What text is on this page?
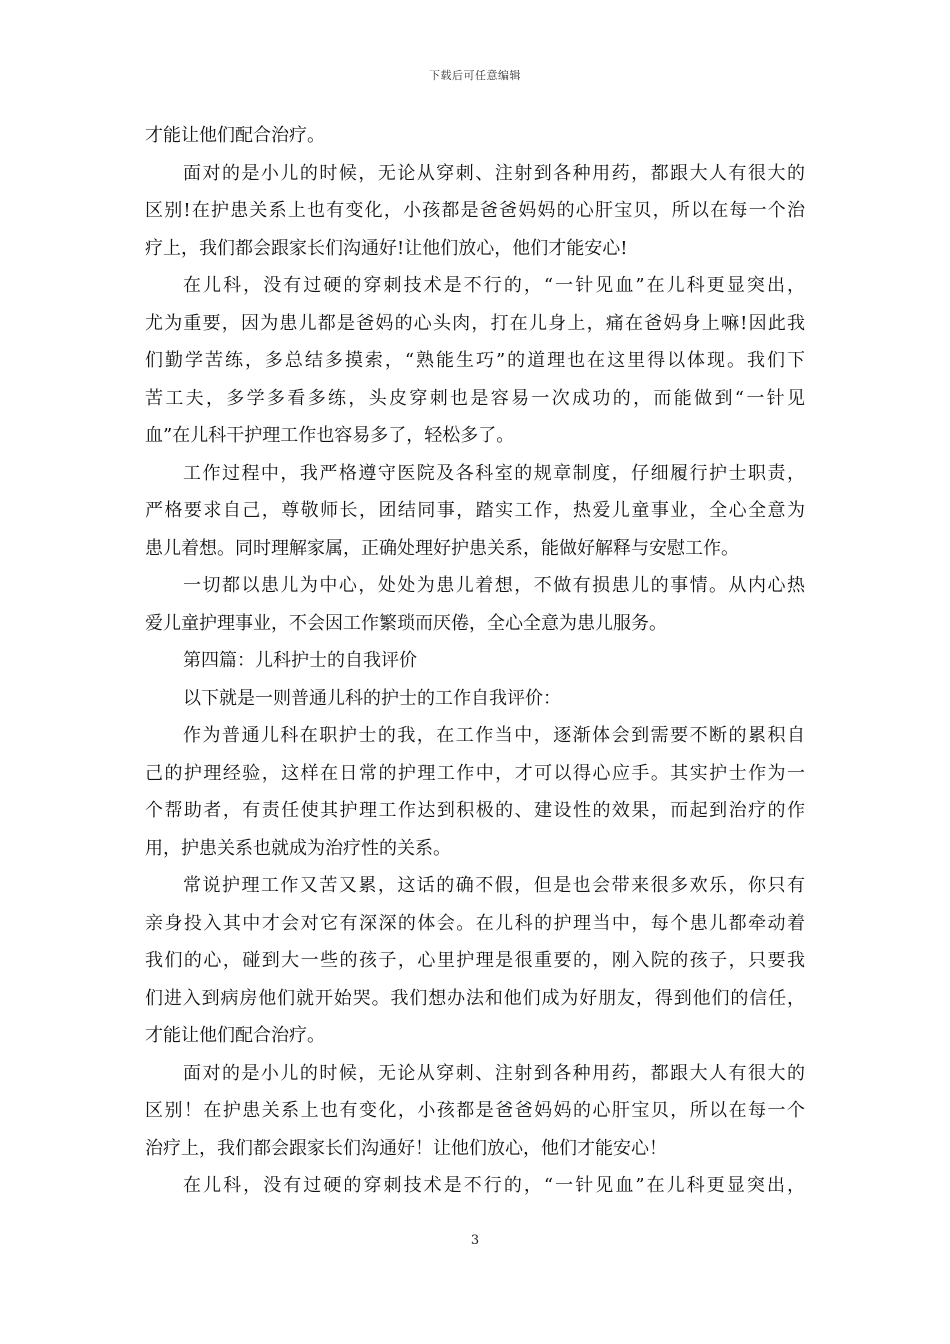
下载后可任意编辑
才能让他们配合治疗。
面对的是小儿的时候，无论从穿刺、注射到各种用药，都跟大人有很大的
区别!在护患关系上也有变化，小孩都是爸爸妈妈的心肝宝贝，所以在每一个治
疗上，我们都会跟家长们沟通好!让他们放心，他们才能安心!
在儿科，没有过硬的穿刺技术是不行的，“一针见血”在儿科更显突出，
尤为重要，因为患儿都是爸妈的心头肉，打在儿身上，痛在爸妈身上嘛!因此我
们勤学苦练，多总结多摸索，“熟能生巧”的道理也在这里得以体现。我们下
苦工夫，多学多看多练，头皮穿刺也是容易一次成功的，而能做到“一针见
血”在儿科干护理工作也容易多了，轻松多了。
工作过程中，我严格遵守医院及各科室的规章制度，仔细履行护士职责，
严格要求自己，尊敬师长，团结同事，踏实工作，热爱儿童事业，全心全意为
患儿着想。同时理解家属，正确处理好护患关系，能做好解释与安慰工作。
一切都以患儿为中心，处处为患儿着想，不做有损患儿的事情。从内心热
爱儿童护理事业，不会因工作繁琐而厌倦，全心全意为患儿服务。
第四篇：儿科护士的自我评价
以下就是一则普通儿科的护士的工作自我评价：
作为普通儿科在职护士的我，在工作当中，逐渐体会到需要不断的累积自
己的护理经验，这样在日常的护理工作中，才可以得心应手。其实护士作为一
个帮助者，有责任使其护理工作达到积极的、建设性的效果，而起到治疗的作
用，护患关系也就成为治疗性的关系。
常说护理工作又苦又累，这话的确不假，但是也会带来很多欢乐，你只有
亲身投入其中才会对它有深深的体会。在儿科的护理当中，每个患儿都牵动着
我们的心，碰到大一些的孩子，心里护理是很重要的，刚入院的孩子，只要我
们进入到病房他们就开始哭。我们想办法和他们成为好朋友，得到他们的信任，
才能让他们配合治疗。
面对的是小儿的时候，无论从穿刺、注射到各种用药，都跟大人有很大的
区别！在护患关系上也有变化，小孩都是爸爸妈妈的心肝宝贝，所以在每一个
治疗上，我们都会跟家长们沟通好！让他们放心，他们才能安心！
在儿科，没有过硬的穿刺技术是不行的，“一针见血”在儿科更显突出，
3
